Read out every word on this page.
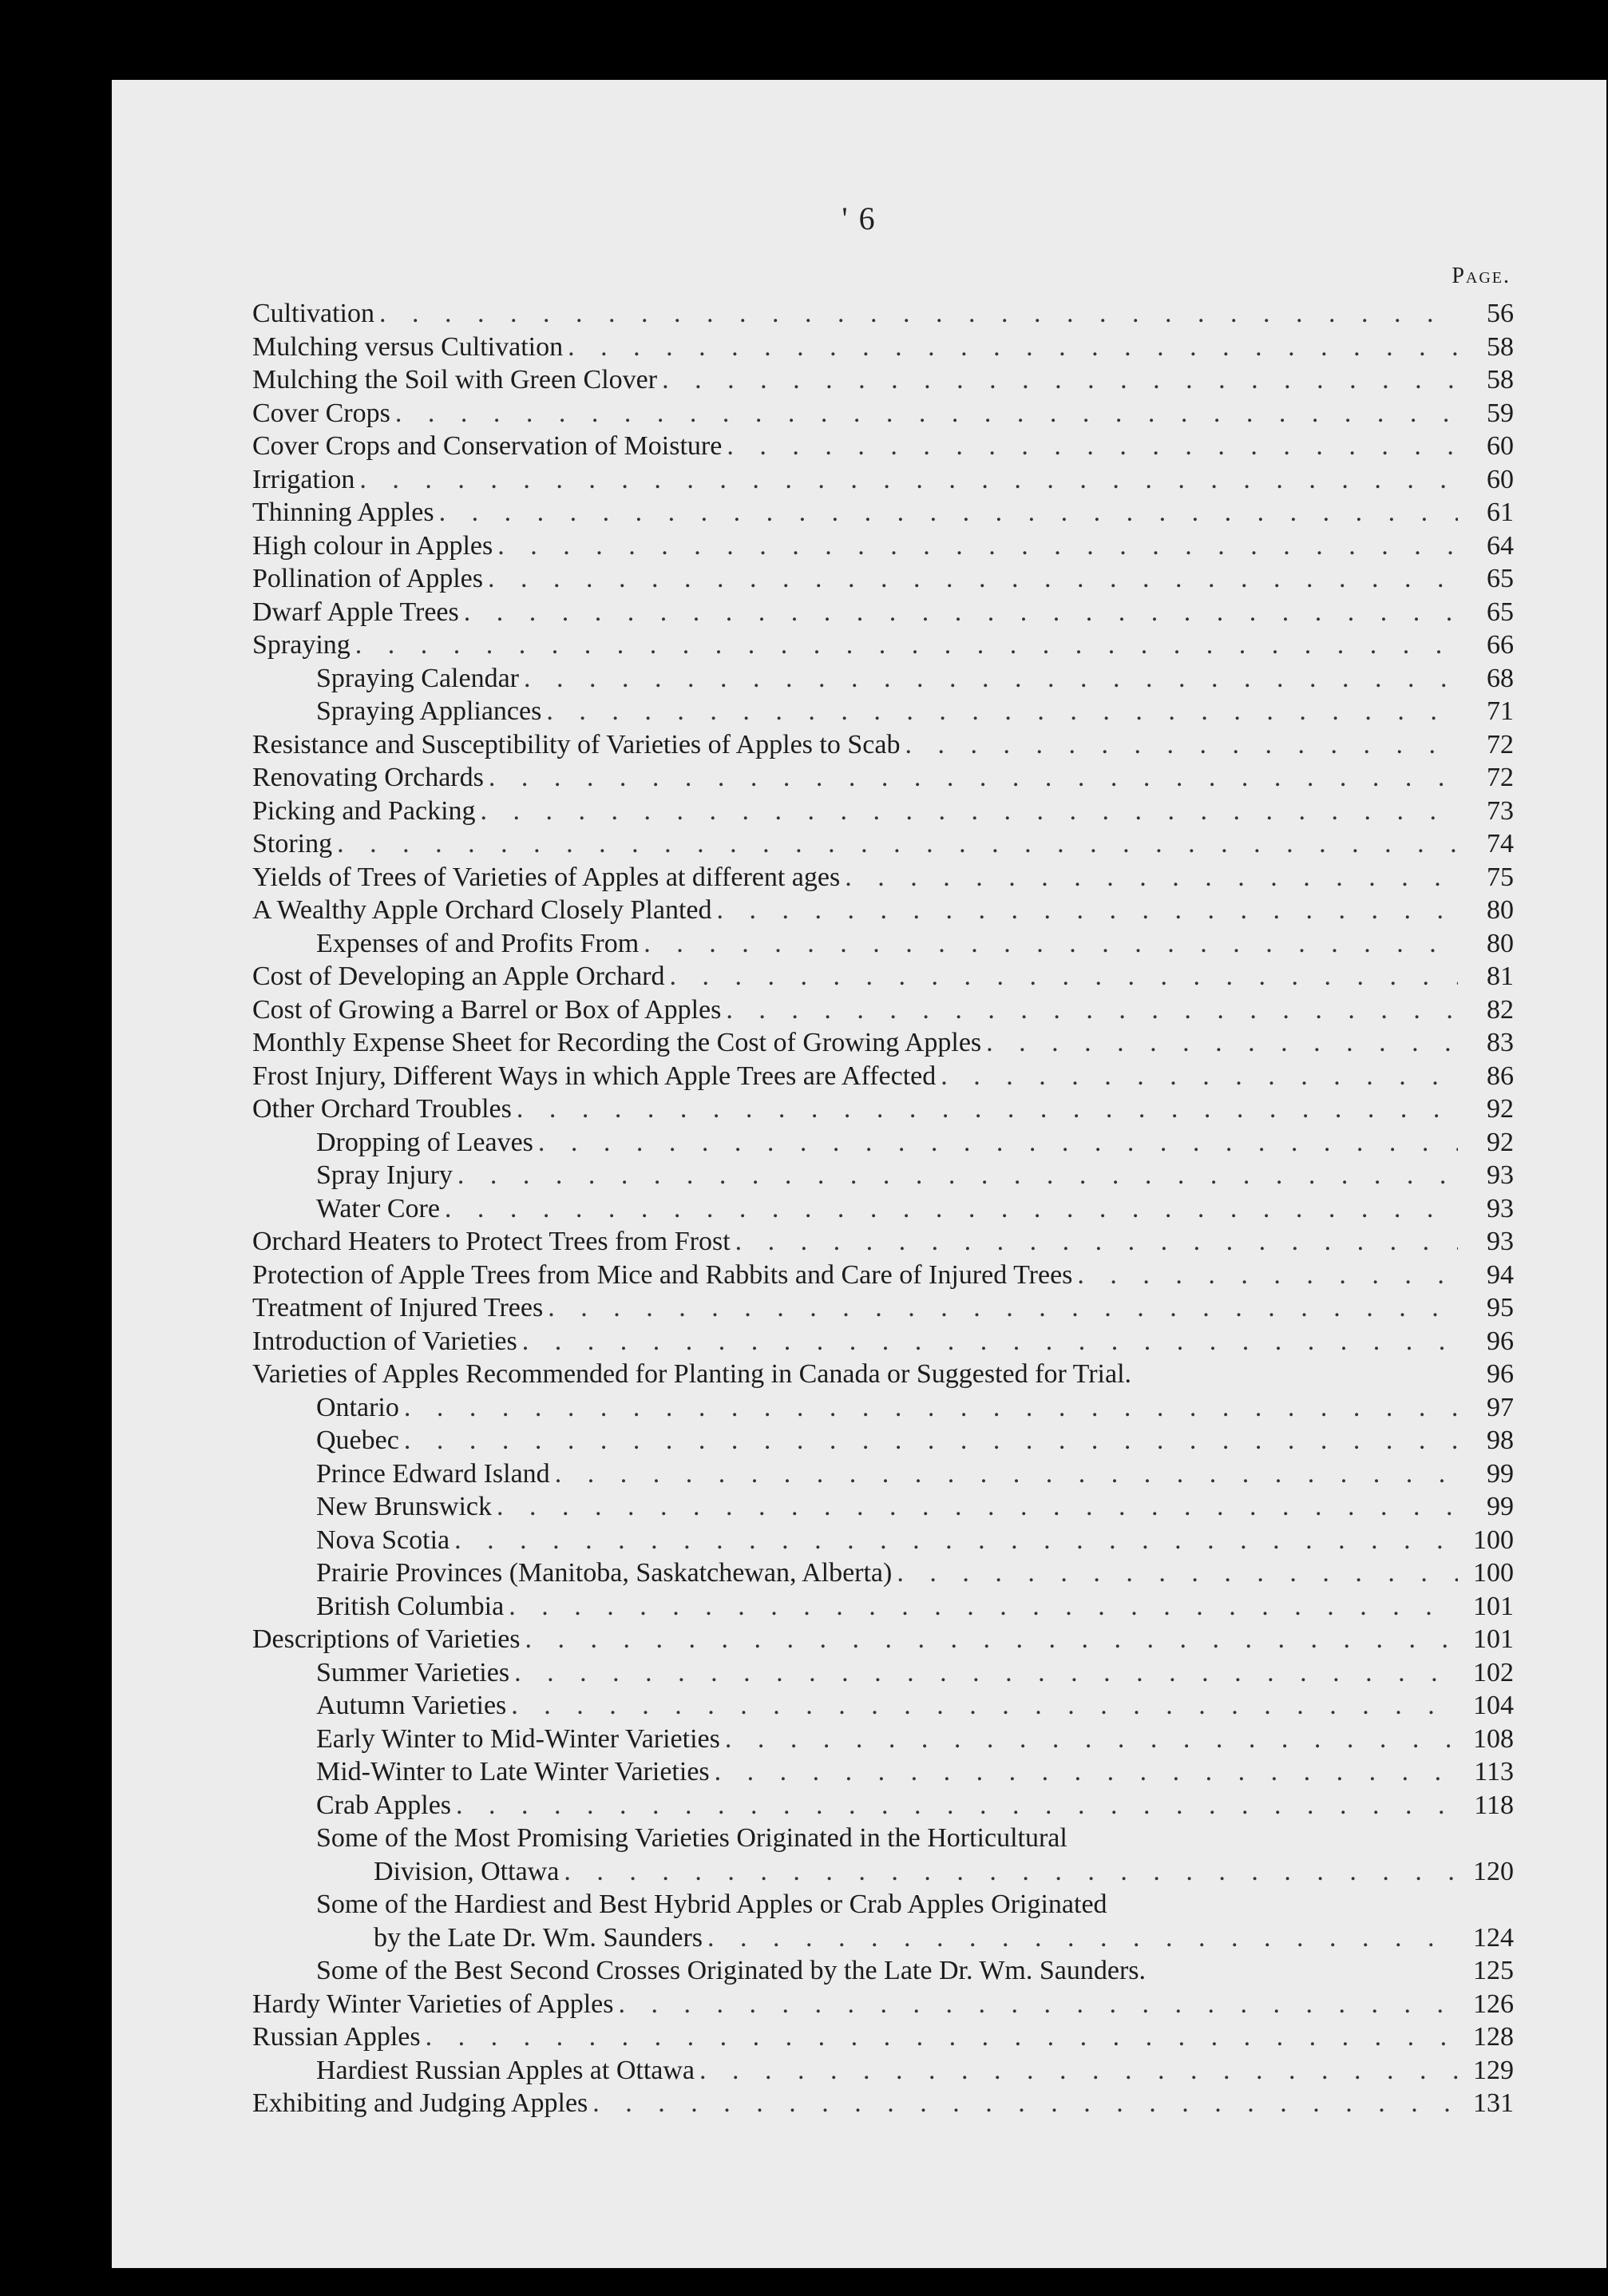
' 6
Page.
Cultivation . . .	56
Mulching versus Cultivation . . .	58
Mulching the Soil with Green Clover . . .	58
Cover Crops . . .	59
Cover Crops and Conservation of Moisture . . .	60
Irrigation . . .	60
Thinning Apples . . .	61
High colour in Apples . . .	64
Pollination of Apples . . .	65
Dwarf Apple Trees . . .	65
Spraying . . .	66
Spraying Calendar . . .	68
Spraying Appliances . . .	71
Resistance and Susceptibility of Varieties of Apples to Scab . . .	72
Renovating Orchards . . .	72
Picking and Packing . . .	73
Storing . . .	74
Yields of Trees of Varieties of Apples at different ages . . .	75
A Wealthy Apple Orchard Closely Planted . . .	80
Expenses of and Profits From . . .	80
Cost of Developing an Apple Orchard . . .	81
Cost of Growing a Barrel or Box of Apples . . .	82
Monthly Expense Sheet for Recording the Cost of Growing Apples . . .	83
Frost Injury, Different Ways in which Apple Trees are Affected . . .	86
Other Orchard Troubles . . .	92
Dropping of Leaves . . .	92
Spray Injury . . .	93
Water Core . . .	93
Orchard Heaters to Protect Trees from Frost . . .	93
Protection of Apple Trees from Mice and Rabbits and Care of Injured Trees . . .	94
Treatment of Injured Trees . . .	95
Introduction of Varieties . . .	96
Varieties of Apples Recommended for Planting in Canada or Suggested for Trial.	96
Ontario . . .	97
Quebec . . .	98
Prince Edward Island . . .	99
New Brunswick . . .	99
Nova Scotia . . .	100
Prairie Provinces (Manitoba, Saskatchewan, Alberta) . . .	100
British Columbia . . .	101
Descriptions of Varieties . . .	101
Summer Varieties . . .	102
Autumn Varieties . . .	104
Early Winter to Mid-Winter Varieties . . .	108
Mid-Winter to Late Winter Varieties . . .	113
Crab Apples . . .	118
Some of the Most Promising Varieties Originated in the Horticultural
Division, Ottawa . . .	120
Some of the Hardiest and Best Hybrid Apples or Crab Apples Originated
by the Late Dr. Wm. Saunders . . .	124
Some of the Best Second Crosses Originated by the Late Dr. Wm. Saunders.	125
Hardy Winter Varieties of Apples . . .	126
Russian Apples . . .	128
Hardiest Russian Apples at Ottawa . . .	129
Exhibiting and Judging Apples . . .	131
